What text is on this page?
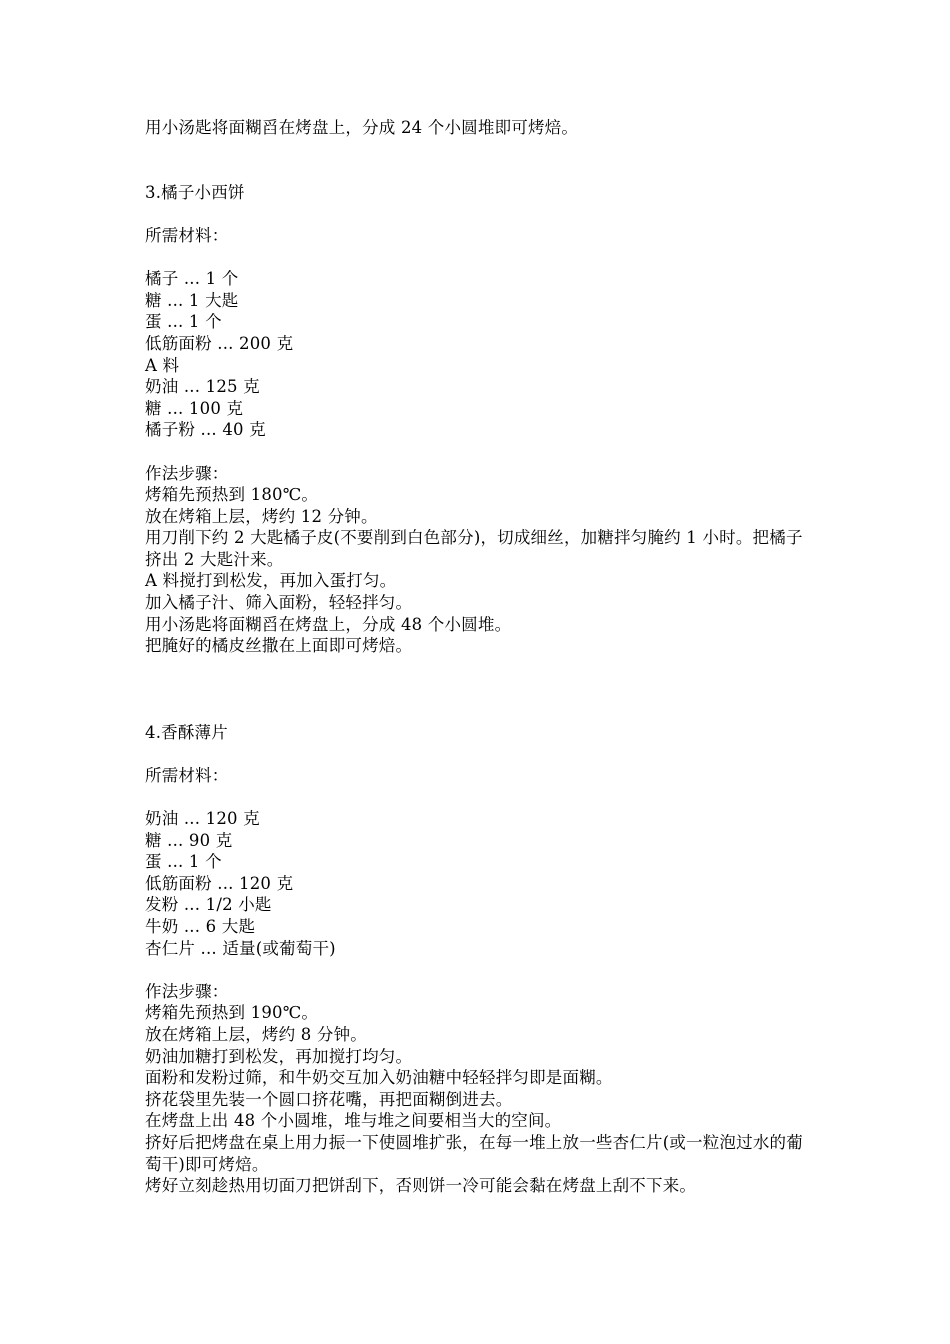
用小汤匙将面糊舀在烤盘上，分成 24 个小圆堆即可烤焙。

3.橘子小西饼

所需材料：

橘子 ... 1 个

糖 ... 1 大匙

蛋 ... 1 个

低筋面粉 ... 200 克

A 料

奶油 ... 125 克

糖 ... 100 克

橘子粉 ... 40 克

作法步骤：

烤箱先预热到 180℃。

放在烤箱上层，烤约 12 分钟。

用刀削下约 2 大匙橘子皮(不要削到白色部分)，切成细丝，加糖拌匀腌约 1 小时。把橘子挤出 2 大匙汁来。

A 料搅打到松发，再加入蛋打匀。

加入橘子汁、筛入面粉，轻轻拌匀。

用小汤匙将面糊舀在烤盘上，分成 48 个小圆堆。

把腌好的橘皮丝撒在上面即可烤焙。

4.香酥薄片

所需材料：

奶油 ... 120 克

糖 ... 90 克

蛋 ... 1 个

低筋面粉 ... 120 克

发粉 ... 1/2 小匙

牛奶 ... 6 大匙

杏仁片 ... 适量(或葡萄干)

作法步骤：

烤箱先预热到 190℃。

放在烤箱上层，烤约 8 分钟。

奶油加糖打到松发，再加搅打均匀。

面粉和发粉过筛，和牛奶交互加入奶油糖中轻轻拌匀即是面糊。

挤花袋里先装一个圆口挤花嘴，再把面糊倒进去。

在烤盘上出 48 个小圆堆，堆与堆之间要相当大的空间。

挤好后把烤盘在桌上用力振一下使圆堆扩张，在每一堆上放一些杏仁片(或一粒泡过水的葡萄干)即可烤焙。

烤好立刻趁热用切面刀把饼刮下，否则饼一冷可能会黏在烤盘上刮不下来。
